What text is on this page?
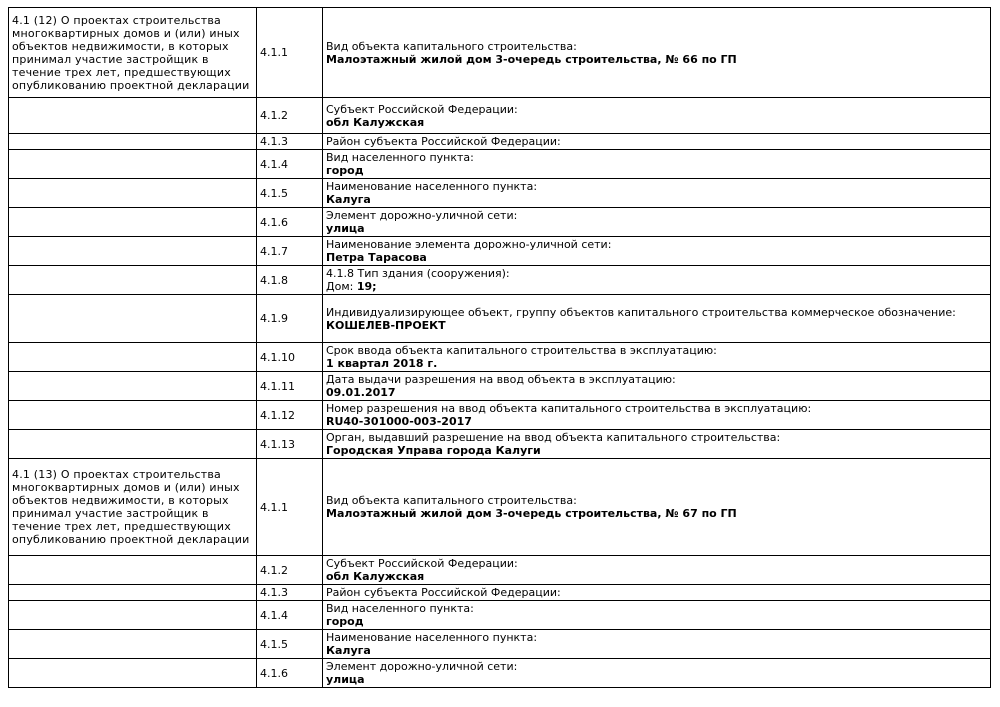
4.1 (12) О проектах строительства многоквартирных домов и (или) иных объектов недвижимости, в которых принимал участие застройщик в течение трех лет, предшествующих опубликованию проектной декларации	4.1.1	Вид объекта капитального строительства:
Малоэтажный жилой дом 3-очередь строительства, № 66 по ГП

	4.1.2	Субъект Российской Федерации:
обл Калужская

	4.1.3	Район субъекта Российской Федерации:

	4.1.4	Вид населенного пункта:
город

	4.1.5	Наименование населенного пункта:
Калуга

	4.1.6	Элемент дорожно-уличной сети:
улица

	4.1.7	Наименование элемента дорожно-уличной сети:
Петра Тарасова

	4.1.8	4.1.8 Тип здания (сооружения):
Дом: 19;

	4.1.9	Индивидуализирующее объект, группу объектов капитального строительства коммерческое обозначение:
КОШЕЛЕВ-ПРОЕКТ

	4.1.10	Срок ввода объекта капитального строительства в эксплуатацию:
1 квартал 2018 г.

	4.1.11	Дата выдачи разрешения на ввод объекта в эксплуатацию:
09.01.2017

	4.1.12	Номер разрешения на ввод объекта капитального строительства в эксплуатацию:
RU40-301000-003-2017

	4.1.13	Орган, выдавший разрешение на ввод объекта капитального строительства:
Городская Управа города Калуги

4.1 (13) О проектах строительства многоквартирных домов и (или) иных объектов недвижимости, в которых принимал участие застройщик в течение трех лет, предшествующих опубликованию проектной декларации	4.1.1	Вид объекта капитального строительства:
Малоэтажный жилой дом 3-очередь строительства, № 67 по ГП

	4.1.2	Субъект Российской Федерации:
обл Калужская

	4.1.3	Район субъекта Российской Федерации:

	4.1.4	Вид населенного пункта:
город

	4.1.5	Наименование населенного пункта:
Калуга

	4.1.6	Элемент дорожно-уличной сети:
улица
